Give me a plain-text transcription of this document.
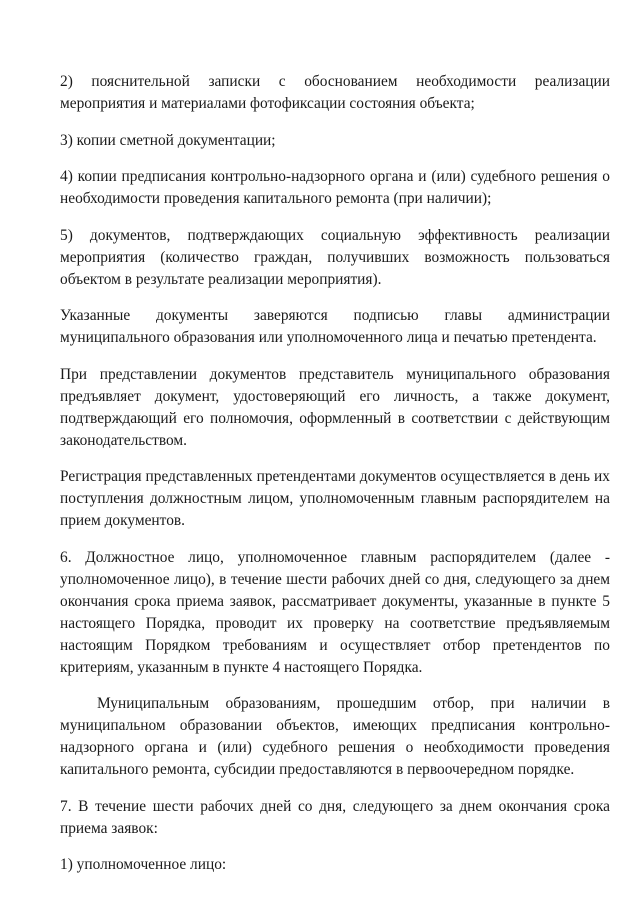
2) пояснительной записки с обоснованием необходимости реализации мероприятия и материалами фотофиксации состояния объекта;

3) копии сметной документации;

4) копии предписания контрольно-надзорного органа и (или) судебного решения о необходимости проведения капитального ремонта (при наличии);

5) документов, подтверждающих социальную эффективность реализации мероприятия (количество граждан, получивших возможность пользоваться объектом в результате реализации мероприятия).

Указанные документы заверяются подписью главы администрации муниципального образования или уполномоченного лица и печатью претендента.

При представлении документов представитель муниципального образования предъявляет документ, удостоверяющий его личность, а также документ, подтверждающий его полномочия, оформленный в соответствии с действующим законодательством.

Регистрация представленных претендентами документов осуществляется в день их поступления должностным лицом, уполномоченным главным распорядителем на прием документов.

6. Должностное лицо, уполномоченное главным распорядителем (далее - уполномоченное лицо), в течение шести рабочих дней со дня, следующего за днем окончания срока приема заявок, рассматривает документы, указанные в пункте 5 настоящего Порядка, проводит их проверку на соответствие предъявляемым настоящим Порядком требованиям и осуществляет отбор претендентов по критериям, указанным в пункте 4 настоящего Порядка.

Муниципальным образованиям, прошедшим отбор, при наличии в муниципальном образовании объектов, имеющих предписания контрольно-надзорного органа и (или) судебного решения о необходимости проведения капитального ремонта, субсидии предоставляются в первоочередном порядке.

7. В течение шести рабочих дней со дня, следующего за днем окончания срока приема заявок:

1) уполномоченное лицо:
